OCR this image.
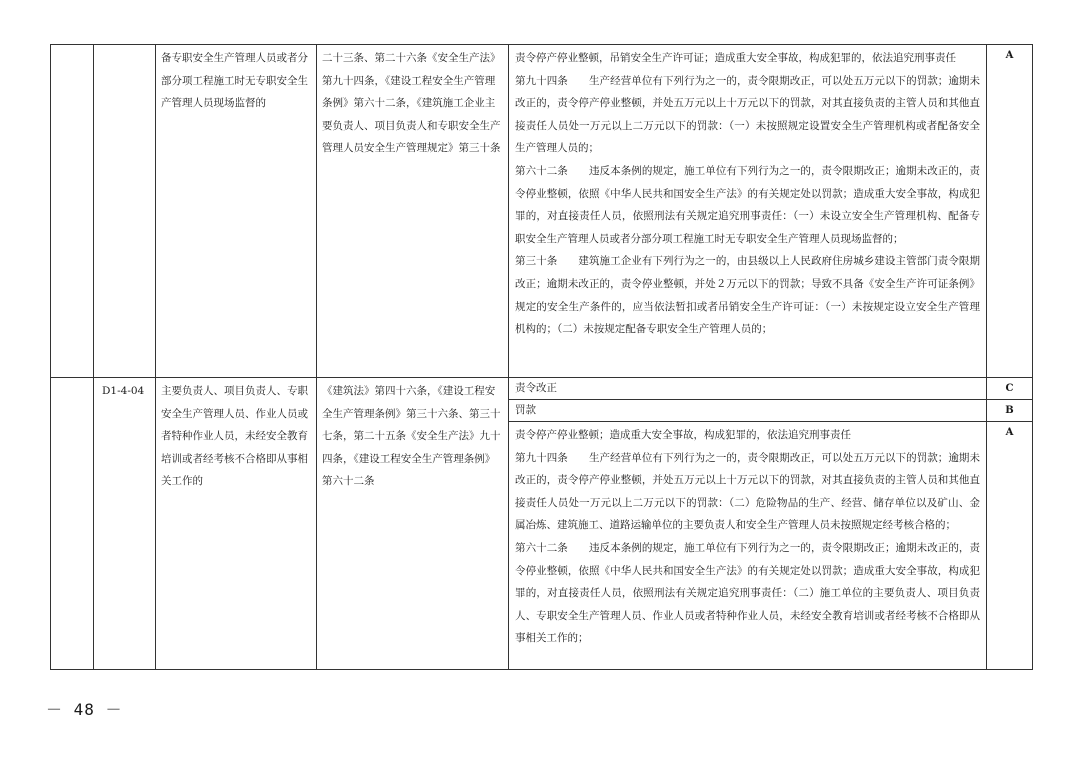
		备专职安全生产管理人员或者分部分项工程施工时无专职安全生产管理人员现场监督的	二十三条、第二十六条《安全生产法》第九十四条，《建设工程安全生产管理条例》第六十二条，《建筑施工企业主要负责人、项目负责人和专职安全生产管理人员安全生产管理规定》第三十条	责令停产停业整顿，吊销安全生产许可证；造成重大安全事故，构成犯罪的，依法追究刑事责任

第九十四条　　生产经营单位有下列行为之一的，责令限期改正，可以处五万元以下的罚款；逾期未改正的，责令停产停业整顿，并处五万元以上十万元以下的罚款，对其直接负责的主管人员和其他直接责任人员处一万元以上二万元以下的罚款：（一）未按照规定设置安全生产管理机构或者配备安全生产管理人员的；

第六十二条　　违反本条例的规定，施工单位有下列行为之一的，责令限期改正；逾期未改正的，责令停业整顿，依照《中华人民共和国安全生产法》的有关规定处以罚款；造成重大安全事故，构成犯罪的，对直接责任人员，依照刑法有关规定追究刑事责任：（一）未设立安全生产管理机构、配备专职安全生产管理人员或者分部分项工程施工时无专职安全生产管理人员现场监督的；

第三十条　　建筑施工企业有下列行为之一的，由县级以上人民政府住房城乡建设主管部门责令限期改正；逾期未改正的，责令停业整顿，并处２万元以下的罚款；导致不具备《安全生产许可证条例》规定的安全生产条件的，应当依法暂扣或者吊销安全生产许可证：（一）未按规定设立安全生产管理机构的；（二）未按规定配备专职安全生产管理人员的；	A

	D1-4-04	主要负责人、项目负责人、专职安全生产管理人员、作业人员或者特种作业人员，未经安全教育培训或者经考核不合格即从事相关工作的	《建筑法》第四十六条，《建设工程安全生产管理条例》第三十六条、第三十七条，第二十五条《安全生产法》九十四条，《建设工程安全生产管理条例》第六十二条	责令改正	C

				罚款	B

				责令停产停业整顿；造成重大安全事故，构成犯罪的，依法追究刑事责任

第九十四条　　生产经营单位有下列行为之一的，责令限期改正，可以处五万元以下的罚款；逾期未改正的，责令停产停业整顿，并处五万元以上十万元以下的罚款，对其直接负责的主管人员和其他直接责任人员处一万元以上二万元以下的罚款：（二）危险物品的生产、经营、储存单位以及矿山、金属冶炼、建筑施工、道路运输单位的主要负责人和安全生产管理人员未按照规定经考核合格的；

第六十二条　　违反本条例的规定，施工单位有下列行为之一的，责令限期改正；逾期未改正的，责令停业整顿，依照《中华人民共和国安全生产法》的有关规定处以罚款；造成重大安全事故，构成犯罪的，对直接责任人员，依照刑法有关规定追究刑事责任：（二）施工单位的主要负责人、项目负责人、专职安全生产管理人员、作业人员或者特种作业人员，未经安全教育培训或者经考核不合格即从事相关工作的；	A
－ 48 －
